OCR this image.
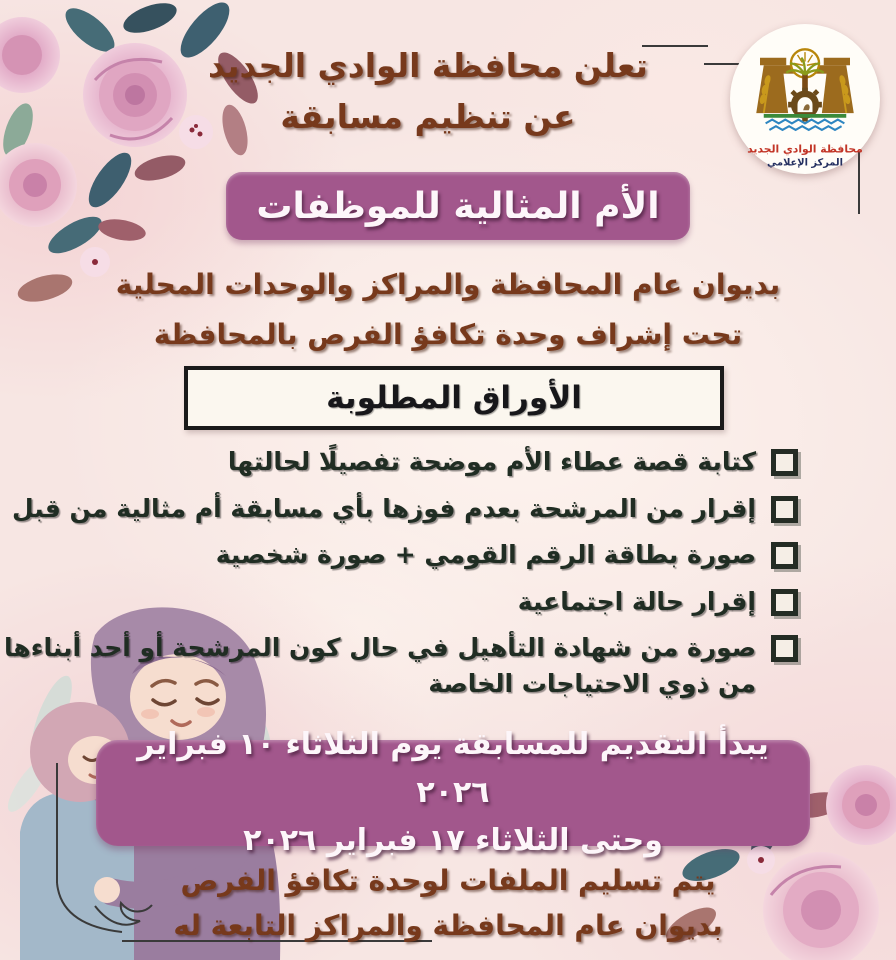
محافظة الوادي الجديد
المركز الإعلامي
تعلن محافظة الوادي الجديد
عن تنظيم مسابقة
الأم المثالية للموظفات
بديوان عام المحافظة والمراكز والوحدات المحلية
تحت إشراف وحدة تكافؤ الفرص بالمحافظة
الأوراق المطلوبة
كتابة قصة عطاء الأم موضحة تفصيلًا لحالتها
إقرار من المرشحة بعدم فوزها بأي مسابقة أم مثالية من قبل
صورة بطاقة الرقم القومي + صورة شخصية
إقرار حالة اجتماعية
صورة من شهادة التأهيل في حال كون المرشحة أو أحد أبناءها من ذوي الاحتياجات الخاصة
يبدأ التقديم للمسابقة يوم الثلاثاء ١٠ فبراير ٢٠٢٦
وحتى الثلاثاء ١٧ فبراير ٢٠٢٦
يتم تسليم الملفات لوحدة تكافؤ الفرص
بديوان عام المحافظة والمراكز التابعة له
